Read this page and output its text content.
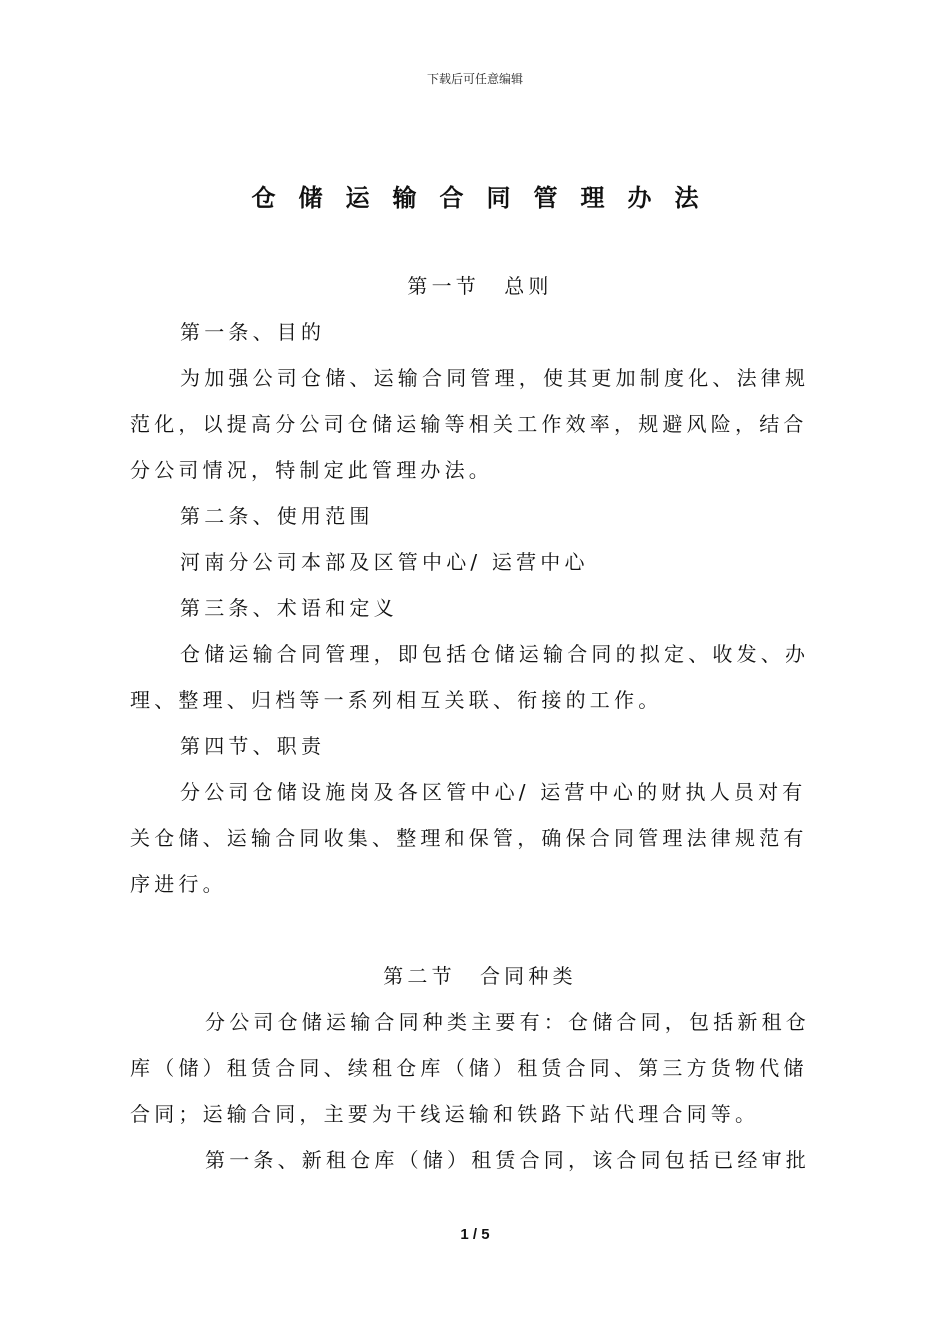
下载后可任意编辑
仓储运输合同管理办法

第一节　总则

第一条、目的

为加强公司仓储、运输合同管理，使其更加制度化、法律规范化，以提高分公司仓储运输等相关工作效率，规避风险，结合分公司情况，特制定此管理办法。

第二条、使用范围

河南分公司本部及区管中心/ 运营中心

第三条、术语和定义

仓储运输合同管理，即包括仓储运输合同的拟定、收发、办理、整理、归档等一系列相互关联、衔接的工作。

第四节、职责

分公司仓储设施岗及各区管中心/ 运营中心的财执人员对有关仓储、运输合同收集、整理和保管，确保合同管理法律规范有序进行。

第二节　合同种类

分公司仓储运输合同种类主要有：仓储合同，包括新租仓库（储）租赁合同、续租仓库（储）租赁合同、第三方货物代储合同；运输合同，主要为干线运输和铁路下站代理合同等。

第一条、新租仓库（储）租赁合同，该合同包括已经审批

1 / 5
